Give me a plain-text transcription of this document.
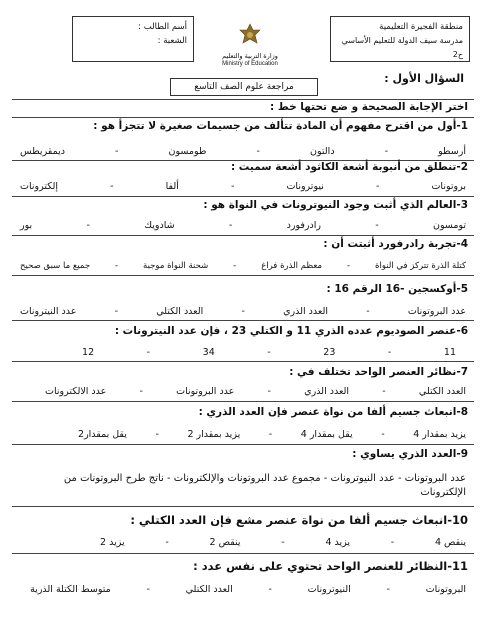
منطقة الفجيرة التعليمية
مدرسة سيف الدولة للتعليم الأساسي ح2
وزارة التربية والتعليم
Ministry of Education
أسم الطالب :
الشعبة :
مراجعة علوم الصف التاسع
السؤال الأول :
اختر الإجابة الصحيحة و ضع تحتها خط :
1-أول من اقترح مفهوم أن المادة تتألف من جسيمات صغيرة لا تتجزأ هو :
أرسطو
-
دالتون
-
طومسون
-
ديمقريطس
2-تنطلق من أنبوبة أشعة الكاثود أشعة سميت :
بروتونات
-
نيوترونات
-
ألفا
-
إلكترونات
3-العالم الذي أثبت وجود النيوترونات في النواة هو :
تومسون
-
رادرفورد
-
شادويك
-
بور
4-تجربة رادرفورد أثبتت أن :
كتلة الذرة تتركز في النواة
-
معظم الذرة فراغ
-
شحنة النواة موجبة
-
جميع ما سبق صحيح
5-أوكسجين -16 الرقم 16 :
عدد البروتونات
-
العدد الذري
-
العدد الكتلي
-
عدد النيترونات
6-عنصر الصوديوم عدده الذري 11 و الكتلي 23 ، فإن عدد النيترونات :
11
-
23
-
34
-
12
7-نظائر العنصر الواحد تختلف في :
العدد الكتلي
-
العدد الذري
-
عدد البروتونات
-
عدد الالكترونات
8-انبعاث جسيم ألفا من نواة عنصر فإن العدد الذري :
يزيد بمقدار 4
-
يقل بمقدار 4
-
يزيد بمقدار 2
-
يقل بمقدار2
9-العدد الذري يساوي :
عدد البروتونات - عدد النيوترونات - مجموع عدد البروتونات والإلكترونات - ناتج طرح البروتونات من الإلكترونات
10-انبعاث جسيم ألفا من نواة عنصر مشع فإن العدد الكتلي :
ينقص 4
-
يزيد 4
-
ينقص 2
-
يزيد 2
11-النظائر للعنصر الواحد تحتوي على نفس عدد :
البروتونات
-
النيوترونات
-
العدد الكتلي
-
متوسط الكتلة الذرية
